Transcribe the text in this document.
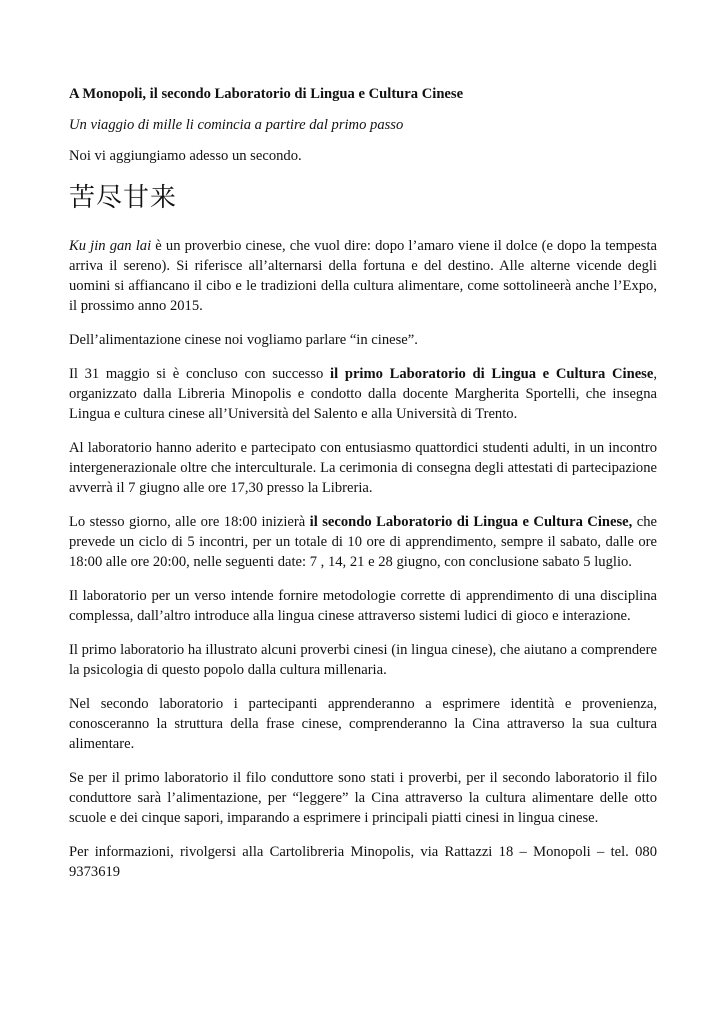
A Monopoli, il secondo Laboratorio di Lingua e Cultura Cinese

Un viaggio di mille li comincia a partire dal primo passo

Noi vi aggiungiamo adesso un secondo.

苦尽甘来

Ku jin gan lai è un proverbio cinese, che vuol dire: dopo l’amaro viene il dolce (e dopo la tempesta arriva il sereno). Si riferisce all’alternarsi della fortuna e del destino. Alle alterne vicende degli uomini si affiancano il cibo e le tradizioni della cultura alimentare, come sottolineerà anche l’Expo, il prossimo anno 2015.

Dell’alimentazione cinese noi vogliamo parlare “in cinese”.

Il 31 maggio si è concluso con successo il primo Laboratorio di Lingua e Cultura Cinese, organizzato dalla Libreria Minopolis e condotto dalla docente Margherita Sportelli, che insegna Lingua e cultura cinese all’Università del Salento e alla Università di Trento.

Al laboratorio hanno aderito e partecipato con entusiasmo quattordici studenti adulti, in un incontro intergenerazionale oltre che interculturale. La cerimonia di consegna degli attestati di partecipazione avverrà il 7 giugno alle ore 17,30 presso la Libreria.

Lo stesso giorno, alle ore 18:00 inizierà il secondo Laboratorio di Lingua e Cultura Cinese, che prevede un ciclo di 5 incontri, per un totale di 10 ore di apprendimento, sempre il sabato, dalle ore 18:00 alle ore 20:00, nelle seguenti date: 7 , 14, 21 e 28 giugno, con conclusione sabato 5 luglio.

Il laboratorio per un verso intende fornire metodologie corrette di apprendimento di una disciplina complessa, dall’altro introduce alla lingua cinese attraverso sistemi ludici di gioco e interazione.

Il primo laboratorio ha illustrato alcuni proverbi cinesi (in lingua cinese), che aiutano a comprendere la psicologia di questo popolo dalla cultura millenaria.

Nel secondo laboratorio i partecipanti apprenderanno a esprimere identità e provenienza, conosceranno la struttura della frase cinese, comprenderanno la Cina attraverso la sua cultura alimentare.

Se per il primo laboratorio il filo conduttore sono stati i proverbi, per il secondo laboratorio il filo conduttore sarà l’alimentazione, per “leggere” la Cina attraverso la cultura alimentare delle otto scuole e dei cinque sapori, imparando a esprimere i principali piatti cinesi in lingua cinese.

Per informazioni, rivolgersi alla Cartolibreria Minopolis, via Rattazzi 18 – Monopoli – tel. 080 9373619
